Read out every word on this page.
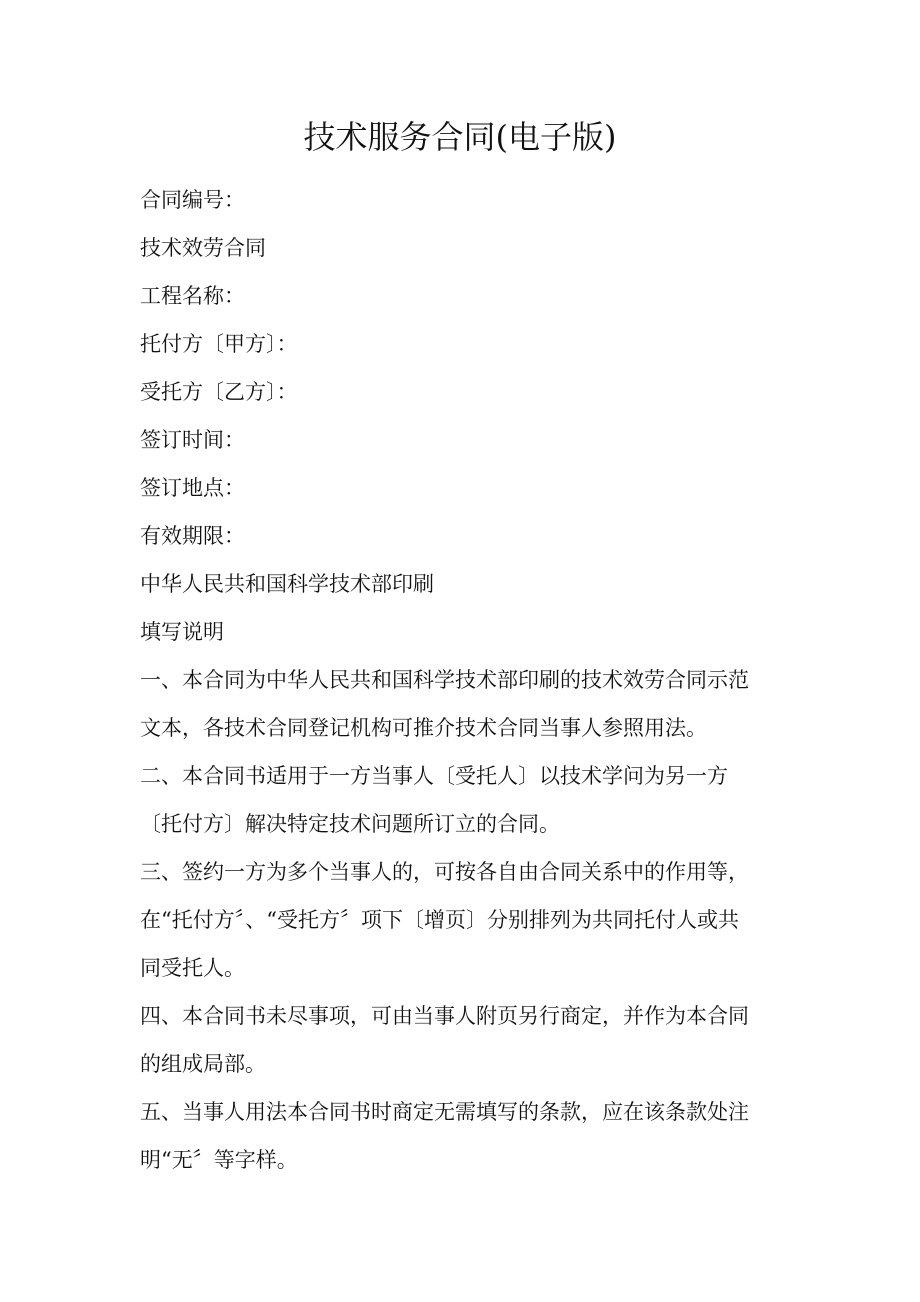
技术服务合同(电子版)

合同编号：

技术效劳合同

工程名称：

托付方〔甲方〕：

受托方〔乙方〕：

签订时间：

签订地点：

有效期限：

中华人民共和国科学技术部印刷

填写说明

一、本合同为中华人民共和国科学技术部印刷的技术效劳合同示范

文本，各技术合同登记机构可推介技术合同当事人参照用法。

二、本合同书适用于一方当事人〔受托人〕以技术学问为另一方

〔托付方〕解决特定技术问题所订立的合同。

三、签约一方为多个当事人的，可按各自由合同关系中的作用等，

在“托付方〞、“受托方〞项下〔增页〕分别排列为共同托付人或共

同受托人。

四、本合同书未尽事项，可由当事人附页另行商定，并作为本合同

的组成局部。

五、当事人用法本合同书时商定无需填写的条款，应在该条款处注

明“无〞等字样。
